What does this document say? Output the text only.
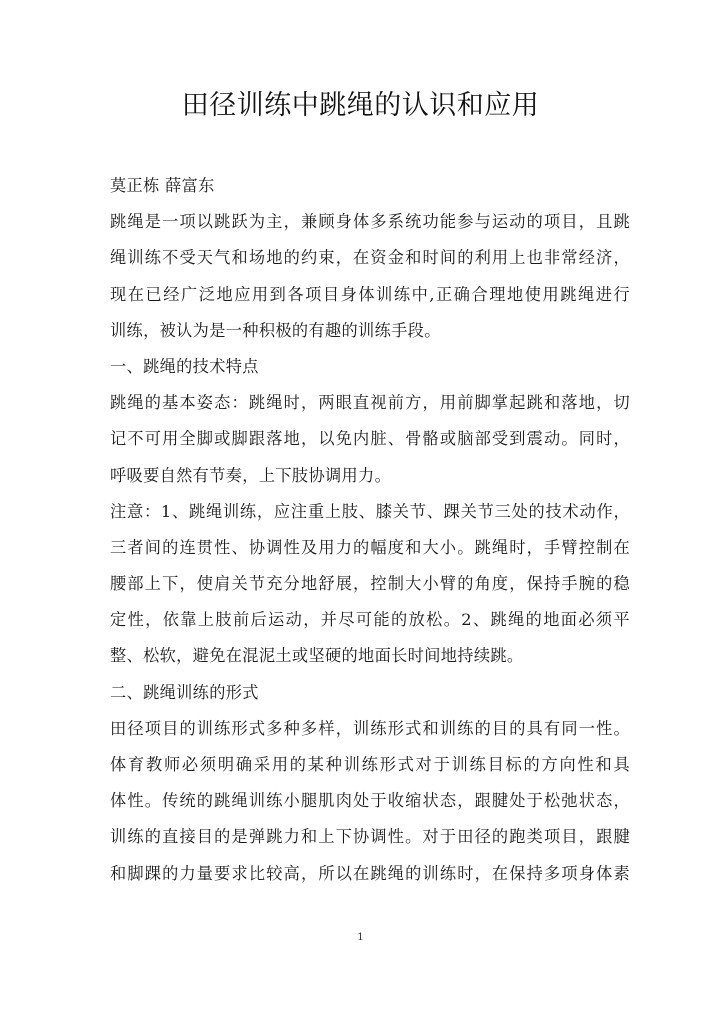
田径训练中跳绳的认识和应用
莫正栋 薛富东
跳绳是一项以跳跃为主，兼顾身体多系统功能参与运动的项目，且跳
绳训练不受天气和场地的约束，在资金和时间的利用上也非常经济，
现在已经广泛地应用到各项目身体训练中,正确合理地使用跳绳进行
训练，被认为是一种积极的有趣的训练手段。
一、跳绳的技术特点
跳绳的基本姿态：跳绳时，两眼直视前方，用前脚掌起跳和落地，切
记不可用全脚或脚跟落地，以免内脏、骨骼或脑部受到震动。同时，
呼吸要自然有节奏，上下肢协调用力。
注意：1、跳绳训练，应注重上肢、膝关节、踝关节三处的技术动作，
三者间的连贯性、协调性及用力的幅度和大小。跳绳时，手臂控制在
腰部上下，使肩关节充分地舒展，控制大小臂的角度，保持手腕的稳
定性，依靠上肢前后运动，并尽可能的放松。2、跳绳的地面必须平
整、松软，避免在混泥土或坚硬的地面长时间地持续跳。
二、跳绳训练的形式
田径项目的训练形式多种多样，训练形式和训练的目的具有同一性。
体育教师必须明确采用的某种训练形式对于训练目标的方向性和具
体性。传统的跳绳训练小腿肌肉处于收缩状态，跟腱处于松弛状态，
训练的直接目的是弹跳力和上下协调性。对于田径的跑类项目，跟腱
和脚踝的力量要求比较高，所以在跳绳的训练时，在保持多项身体素
1
